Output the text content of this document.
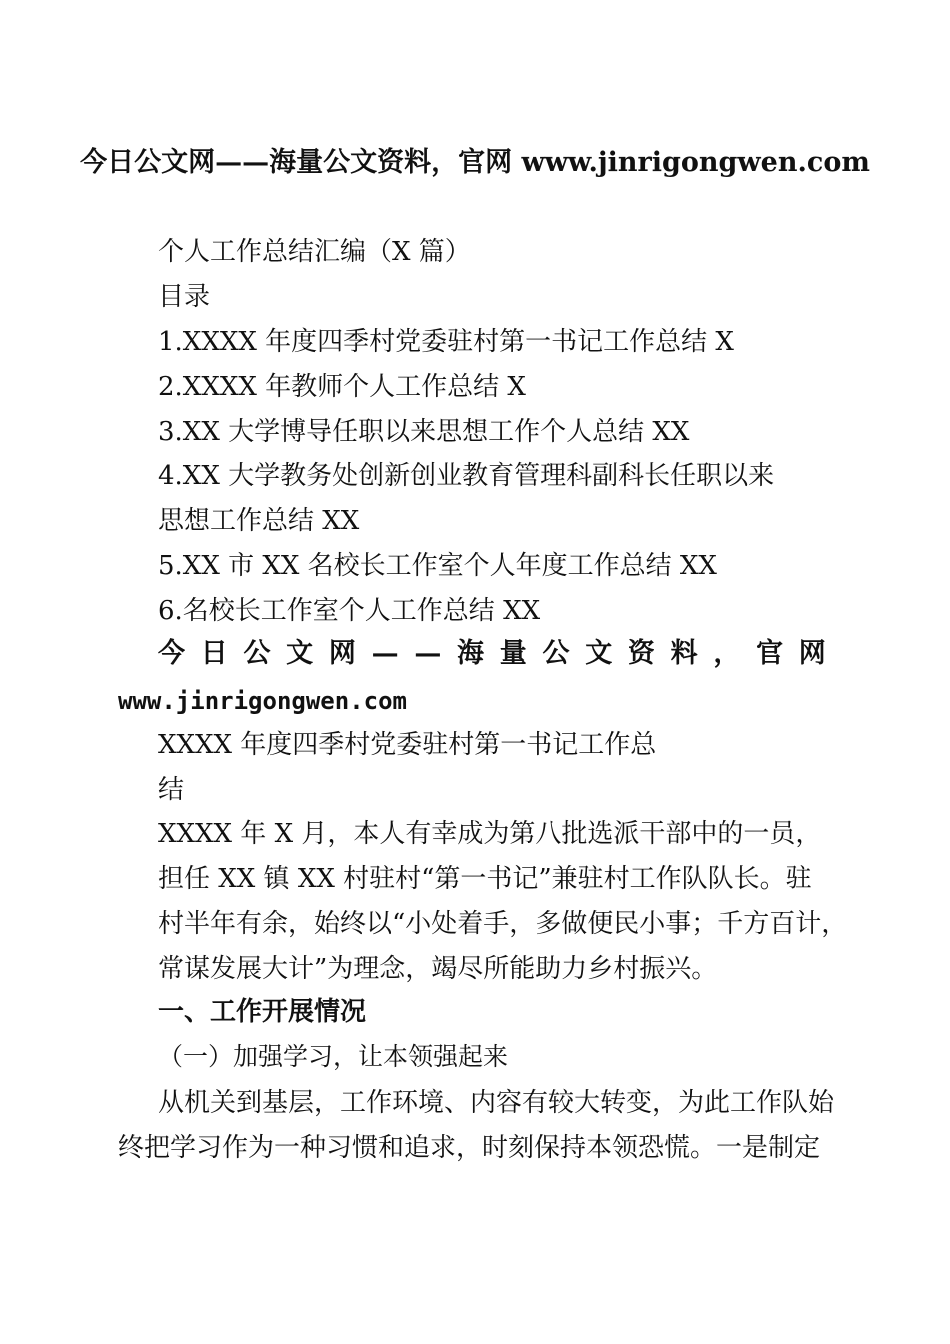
今日公文网——海量公文资料，官网 www.jinrigongwen.com
个人工作总结汇编（X 篇）
目录
1.XXXX 年度四季村党委驻村第一书记工作总结 X
2.XXXX 年教师个人工作总结 X
3.XX 大学博导任职以来思想工作个人总结 XX
4.XX 大学教务处创新创业教育管理科副科长任职以来
思想工作总结 XX
5.XX 市 XX 名校长工作室个人年度工作总结 XX
6.名校长工作室个人工作总结 XX
今 日 公 文 网 — — 海 量 公 文 资 料 ， 官 网
www.jinrigongwen.com
XXXX 年度四季村党委驻村第一书记工作总
结
XXXX 年 X 月，本人有幸成为第八批选派干部中的一员，
担任 XX 镇 XX 村驻村“第一书记”兼驻村工作队队长。驻
村半年有余，始终以“小处着手，多做便民小事；千方百计，
常谋发展大计”为理念，竭尽所能助力乡村振兴。
一、工作开展情况
（一）加强学习，让本领强起来
从机关到基层，工作环境、内容有较大转变，为此工作队始
终把学习作为一种习惯和追求，时刻保持本领恐慌。一是制定
